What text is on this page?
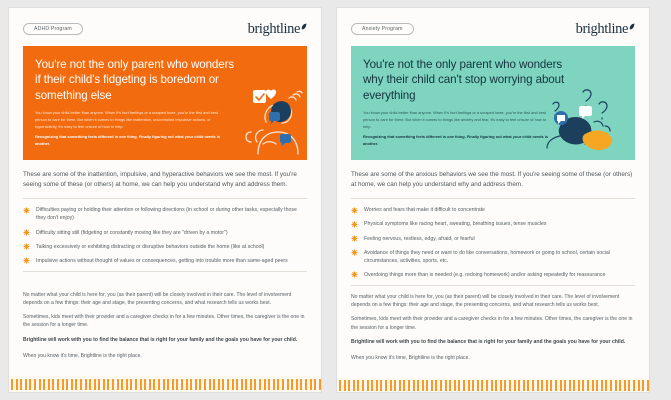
ADHD Program	brightline
You're not the only parent who wonders if their child's fidgeting is boredom or something else

You know your child better than anyone. When it's hurt feelings or a scraped knee, you're the first and best person to care for them. But when it comes to things like inattention, uncontrolled impulsive actions, or hyperactivity, it's easy to feel unsure of how to help.

Recognizing that something feels different is one thing. Finally figuring out what your child needs is another.

These are some of the inattention, impulsive, and hyperactive behaviors we see the most. If you're seeing some of these (or others) at home, we can help you understand why and address them.

Difficulties paying or holding their attention or following directions (in school or during other tasks, especially those they don't enjoy)
Difficulty sitting still (fidgeting or constantly moving like they are "driven by a motor")
Talking excessively or exhibiting distracting or disruptive behaviors outside the home (like at school)
Impulsive actions without thought of values or consequences, getting into trouble more than same-aged peers

No matter what your child is here for, you (as their parent) will be closely involved in their care. The level of involvement depends on a few things: their age and stage, the presenting concerns, and what research tells us works best.

Sometimes, kids meet with their provider and a caregiver checks in for a few minutes. Other times, the caregiver is the one in the session for a longer time.

Brightline will work with you to find the balance that is right for your family and the goals you have for your child.

When you know it's time, Brightline is the right place.

Anxiety Program	brightline
You're not the only parent who wonders why their child can't stop worrying about everything

You know your child better than anyone. When it's hurt feelings or a scraped knee, you're the first and best person to care for them. But when it comes to things like anxiety and fear, it's easy to feel unsure of how to help.

Recognizing that something feels different is one thing. Finally figuring out what your child needs is another.

These are some of the anxious behaviors we see the most. If you're seeing some of these (or others) at home, we can help you understand why and address them.

Worries and fears that make it difficult to concentrate
Physical symptoms like racing heart, sweating, breathing issues, tense muscles
Feeling nervous, restless, edgy, afraid, or fearful
Avoidance of things they need or want to do like conversations, homework or going to school, certain social circumstances, activities, sports, etc.
Overdoing things more than is needed (e.g. redoing homework) and/or asking repeatedly for reassurance

No matter what your child is here for, you (as their parent) will be closely involved in their care. The level of involvement depends on a few things: their age and stage, the presenting concerns, and what research tells us works best.

Sometimes, kids meet with their provider and a caregiver checks in for a few minutes. Other times, the caregiver is the one in the session for a longer time.

Brightline will work with you to find the balance that is right for your family and the goals you have for your child.

When you know it's time, Brightline is the right place.
